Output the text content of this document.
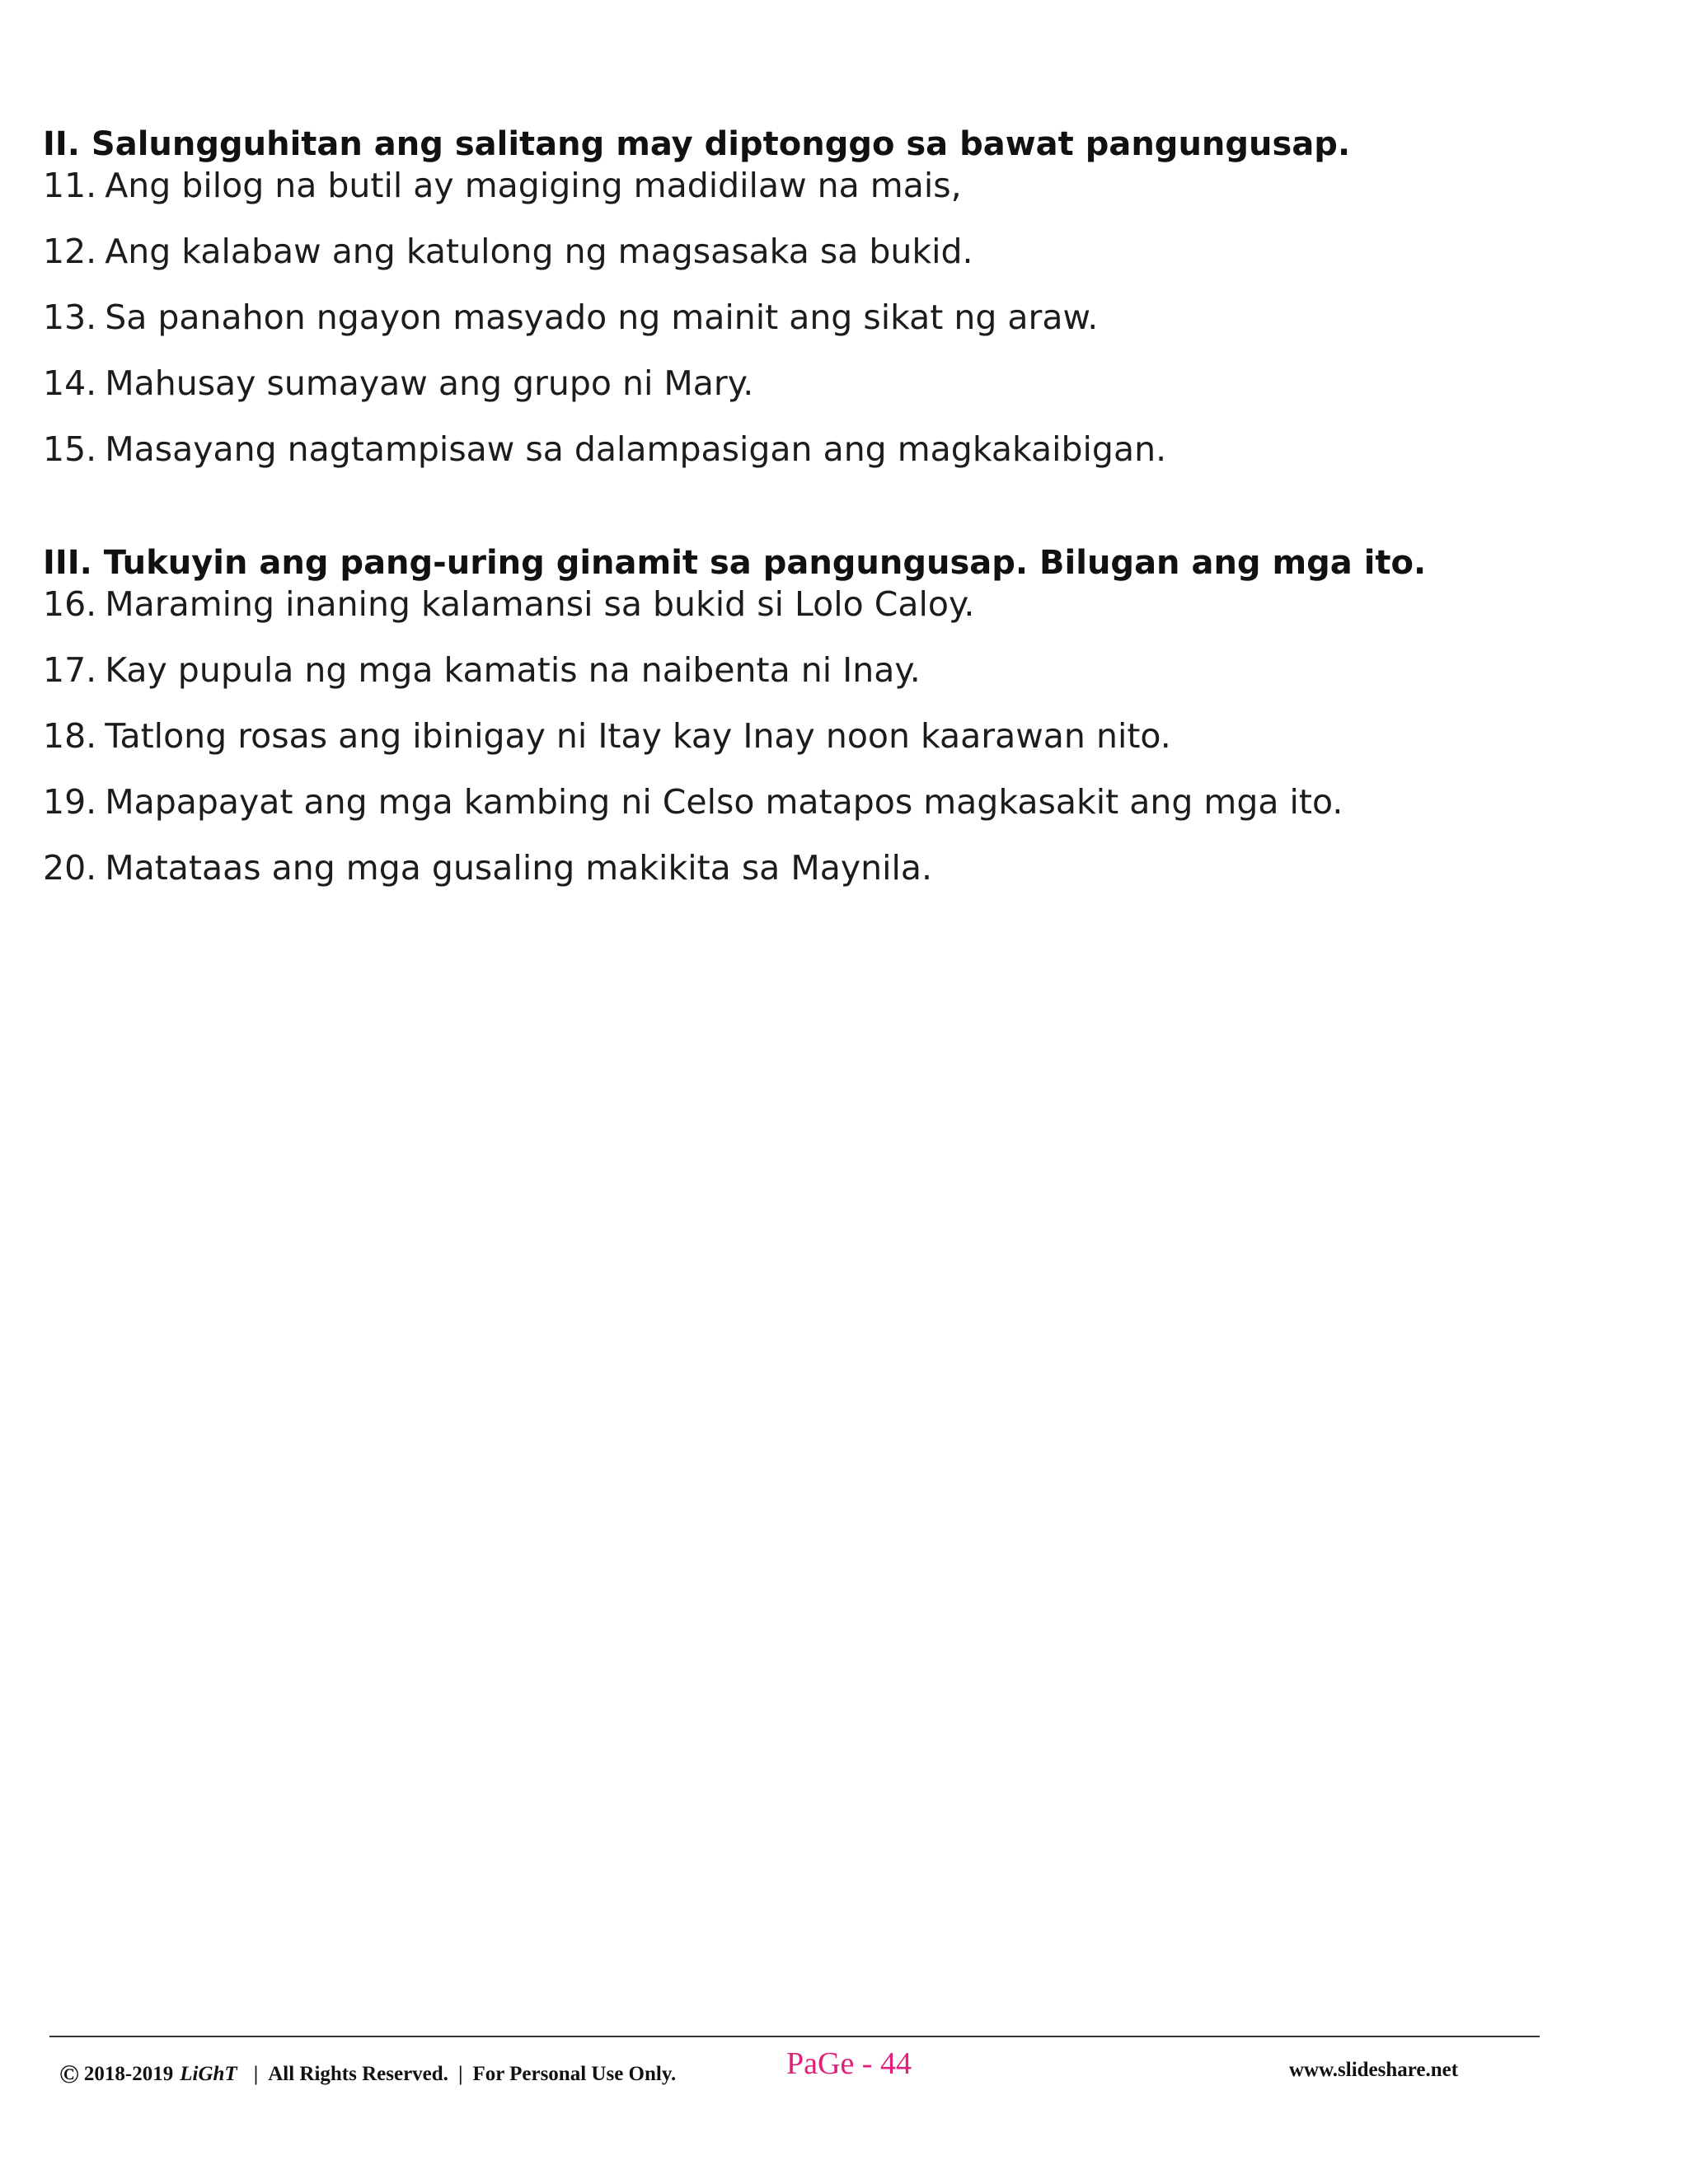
II. Salungguhitan ang salitang may diptonggo sa bawat pangungusap.

11. Ang bilog na butil ay magiging madidilaw na mais,
12. Ang kalabaw ang katulong ng magsasaka sa bukid.
13. Sa panahon ngayon masyado ng mainit ang sikat ng araw.
14. Mahusay sumayaw ang grupo ni Mary.
15. Masayang nagtampisaw sa dalampasigan ang magkakaibigan.

III. Tukuyin ang pang-uring ginamit sa pangungusap. Bilugan ang mga ito.

16. Maraming inaning kalamansi sa bukid si Lolo Caloy.
17. Kay pupula ng mga kamatis na naibenta ni Inay.
18. Tatlong rosas ang ibinigay ni Itay kay Inay noon kaarawan nito.
19. Mapapayat ang mga kambing ni Celso matapos magkasakit ang mga ito.
20. Matataas ang mga gusaling makikita sa Maynila.
© 2018-2019 LiGhT | All Rights Reserved. | For Personal Use Only.	PaGe - 44	www.slideshare.net
